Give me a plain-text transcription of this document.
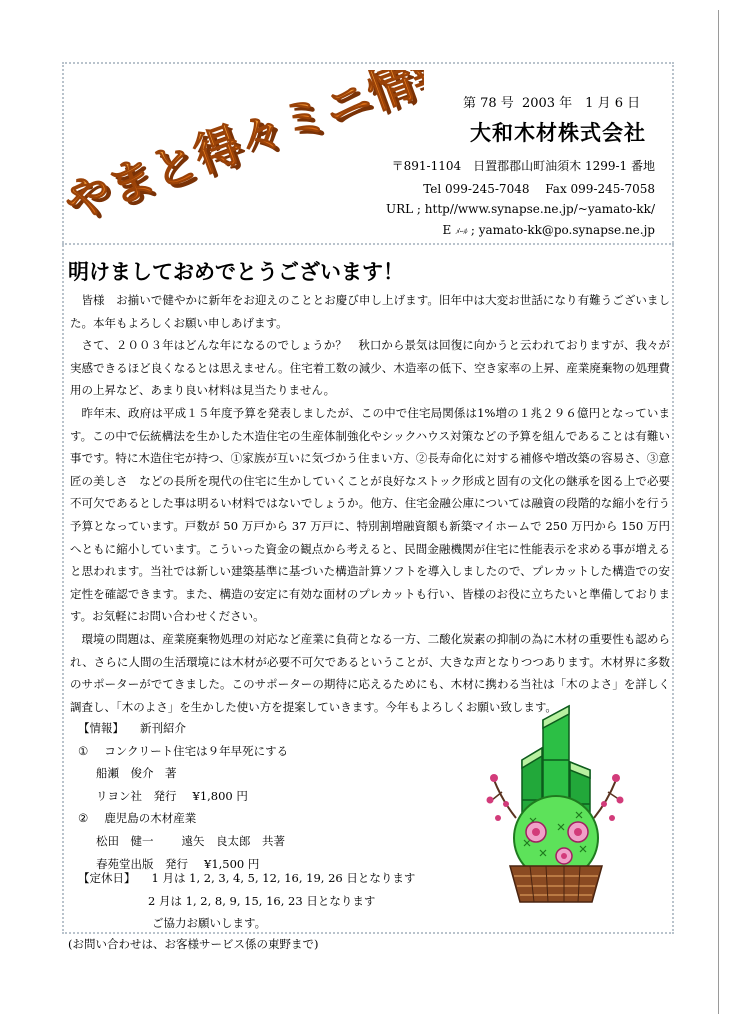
やまと得々ミニ情報
やまと得々ミニ情報
第 78 号 2003 年　1 月 6 日
大和木材株式会社
〒891-1104　日置郡郡山町油須木 1299-1 番地
Tel 099-245-7048　 Fax 099-245-7058
URL ; http//www.synapse.ne.jp/~yamato-kk/
E ﾒｰﾙ ; yamato-kk@po.synapse.ne.jp
明けましておめでとうございます！

皆様　お揃いで健やかに新年をお迎えのこととお慶び申し上げます。旧年中は大変お世話になり有難うございました。本年もよろしくお願い申しあげます。

さて、２００３年はどんな年になるのでしょうか？　秋口から景気は回復に向かうと云われておりますが、我々が実感できるほど良くなるとは思えません。住宅着工数の減少、木造率の低下、空き家率の上昇、産業廃棄物の処理費用の上昇など、あまり良い材料は見当たりません。

昨年末、政府は平成１５年度予算を発表しましたが、この中で住宅局関係は1%増の１兆２９６億円となっています。この中で伝統構法を生かした木造住宅の生産体制強化やシックハウス対策などの予算を組んであることは有難い事です。特に木造住宅が持つ、①家族が互いに気づかう住まい方、②長寿命化に対する補修や増改築の容易さ、③意匠の美しさ　などの長所を現代の住宅に生かしていくことが良好なストック形成と固有の文化の継承を図る上で必要不可欠であるとした事は明るい材料ではないでしょうか。他方、住宅金融公庫については融資の段階的な縮小を行う予算となっています。戸数が 50 万戸から 37 万戸に、特別割増融資額も新築マイホームで 250 万円から 150 万円へともに縮小しています。こういった資金の観点から考えると、民間金融機関が住宅に性能表示を求める事が増えると思われます。当社では新しい建築基準に基づいた構造計算ソフトを導入しましたので、プレカットした構造での安定性を確認できます。また、構造の安定に有効な面材のプレカットも行い、皆様のお役に立ちたいと準備しております。お気軽にお問い合わせください。

環境の問題は、産業廃棄物処理の対応など産業に負荷となる一方、二酸化炭素の抑制の為に木材の重要性も認められ、さらに人間の生活環境には木材が必要不可欠であるということが、大きな声となりつつあります。木材界に多数のサポーターがでてきました。このサポーターの期待に応えるためにも、木材に携わる当社は「木のよさ」を詳しく調査し、「木のよさ」を生かした使い方を提案していきます。今年もよろしくお願い致します。

【情報】 新刊紹介
① コンクリート住宅は９年早死にする
船瀬　俊介　著
リヨン社　発行 ¥1,800 円
② 鹿児島の木材産業
松田　健一 遠矢　良太郎　共著
春苑堂出版　発行 ¥1,500 円
【定休日】 1 月は 1, 2, 3, 4, 5, 12, 16, 19, 26 日となります
2 月は 1, 2, 8, 9, 15, 16, 23 日となります
ご協力お願いします。
(お問い合わせは、お客様サービス係の東野まで)
